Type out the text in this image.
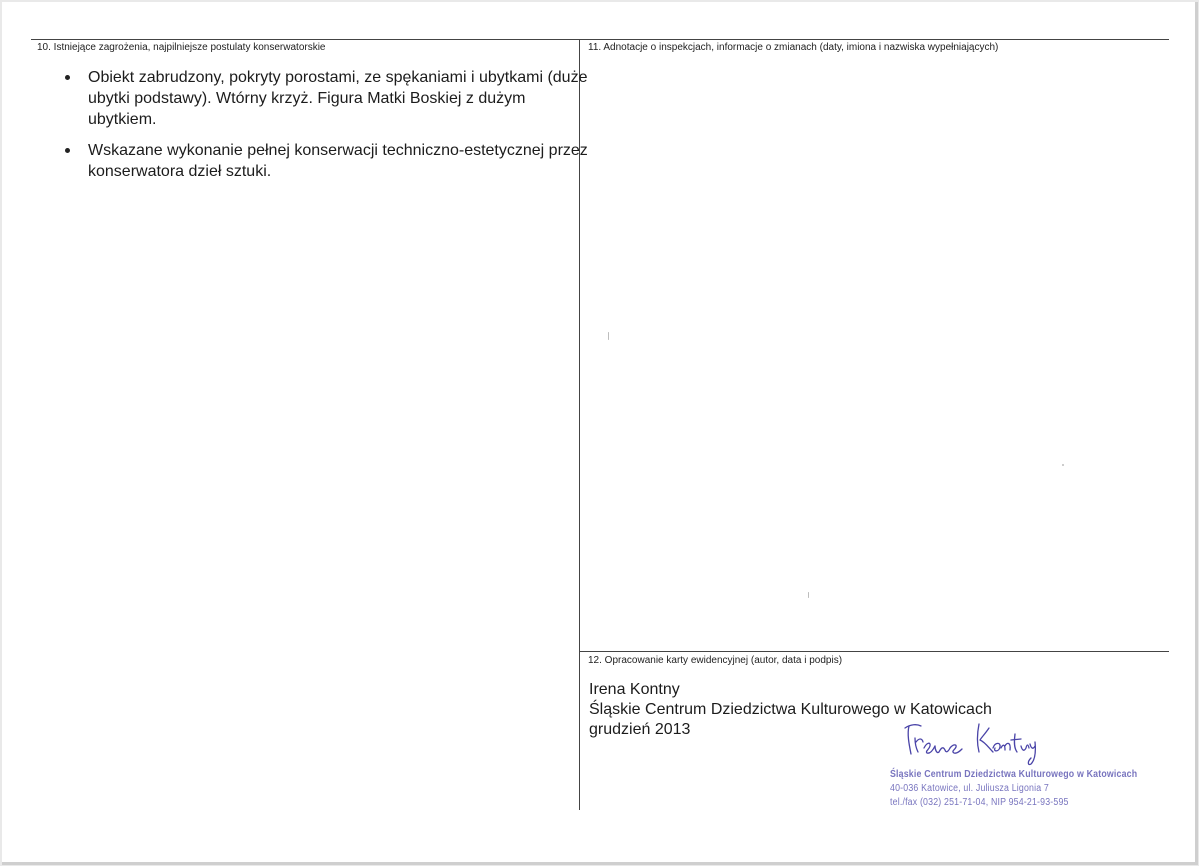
10. Istniejące zagrożenia, najpilniejsze postulaty konserwatorskie
Obiekt zabrudzony, pokryty porostami, ze spękaniami i ubytkami (duże ubytki podstawy). Wtórny krzyż. Figura Matki Boskiej z dużym ubytkiem.
Wskazane wykonanie pełnej konserwacji techniczno-estetycznej przez konserwatora dzieł sztuki.
11. Adnotacje o inspekcjach, informacje o zmianach (daty, imiona i nazwiska wypełniających)
12. Opracowanie karty ewidencyjnej (autor, data i podpis)
Irena Kontny
Śląskie Centrum Dziedzictwa Kulturowego w Katowicach
grudzień 2013
Śląskie Centrum Dziedzictwa Kulturowego w Katowicach
40-036 Katowice, ul. Juliusza Ligonia 7
tel./fax (032) 251-71-04, NIP 954-21-93-595
